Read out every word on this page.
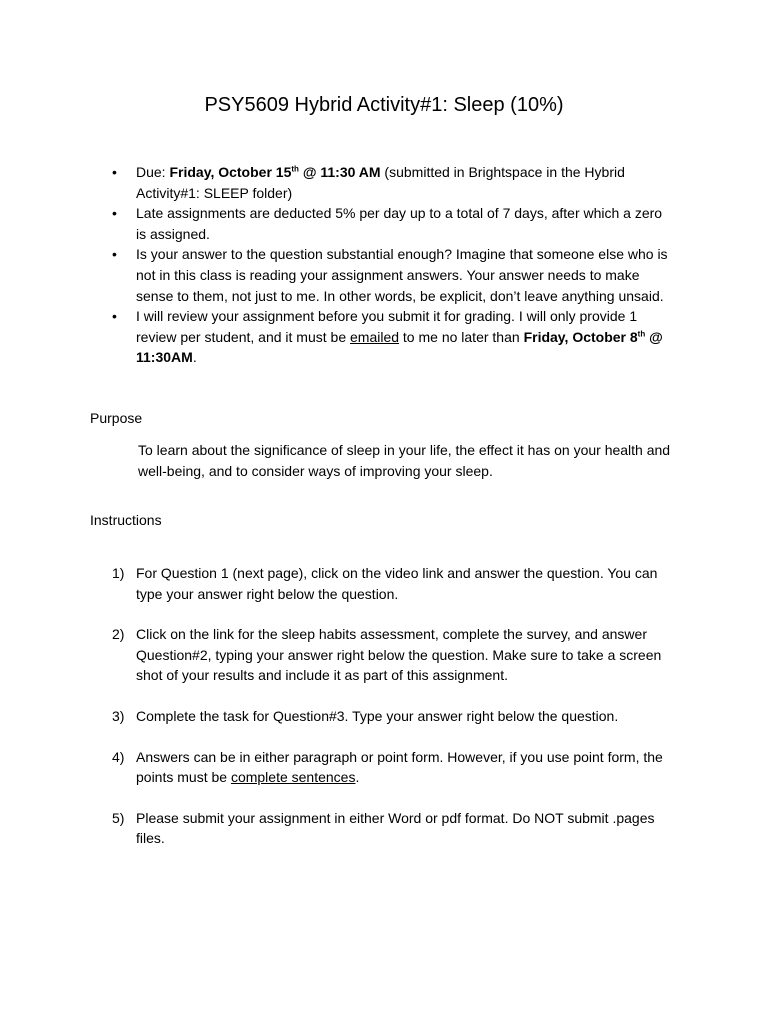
PSY5609 Hybrid Activity#1: Sleep (10%)
• Due: Friday, October 15th @ 11:30 AM (submitted in Brightspace in the Hybrid Activity#1: SLEEP folder)
• Late assignments are deducted 5% per day up to a total of 7 days, after which a zero is assigned.
• Is your answer to the question substantial enough? Imagine that someone else who is not in this class is reading your assignment answers. Your answer needs to make sense to them, not just to me. In other words, be explicit, don’t leave anything unsaid.
• I will review your assignment before you submit it for grading. I will only provide 1 review per student, and it must be emailed to me no later than Friday, October 8th @ 11:30AM.
Purpose

To learn about the significance of sleep in your life, the effect it has on your health and well-being, and to consider ways of improving your sleep.

Instructions
1) For Question 1 (next page), click on the video link and answer the question. You can type your answer right below the question.
2) Click on the link for the sleep habits assessment, complete the survey, and answer Question#2, typing your answer right below the question. Make sure to take a screen shot of your results and include it as part of this assignment.
3) Complete the task for Question#3. Type your answer right below the question.
4) Answers can be in either paragraph or point form. However, if you use point form, the points must be complete sentences.
5) Please submit your assignment in either Word or pdf format. Do NOT submit .pages files.
